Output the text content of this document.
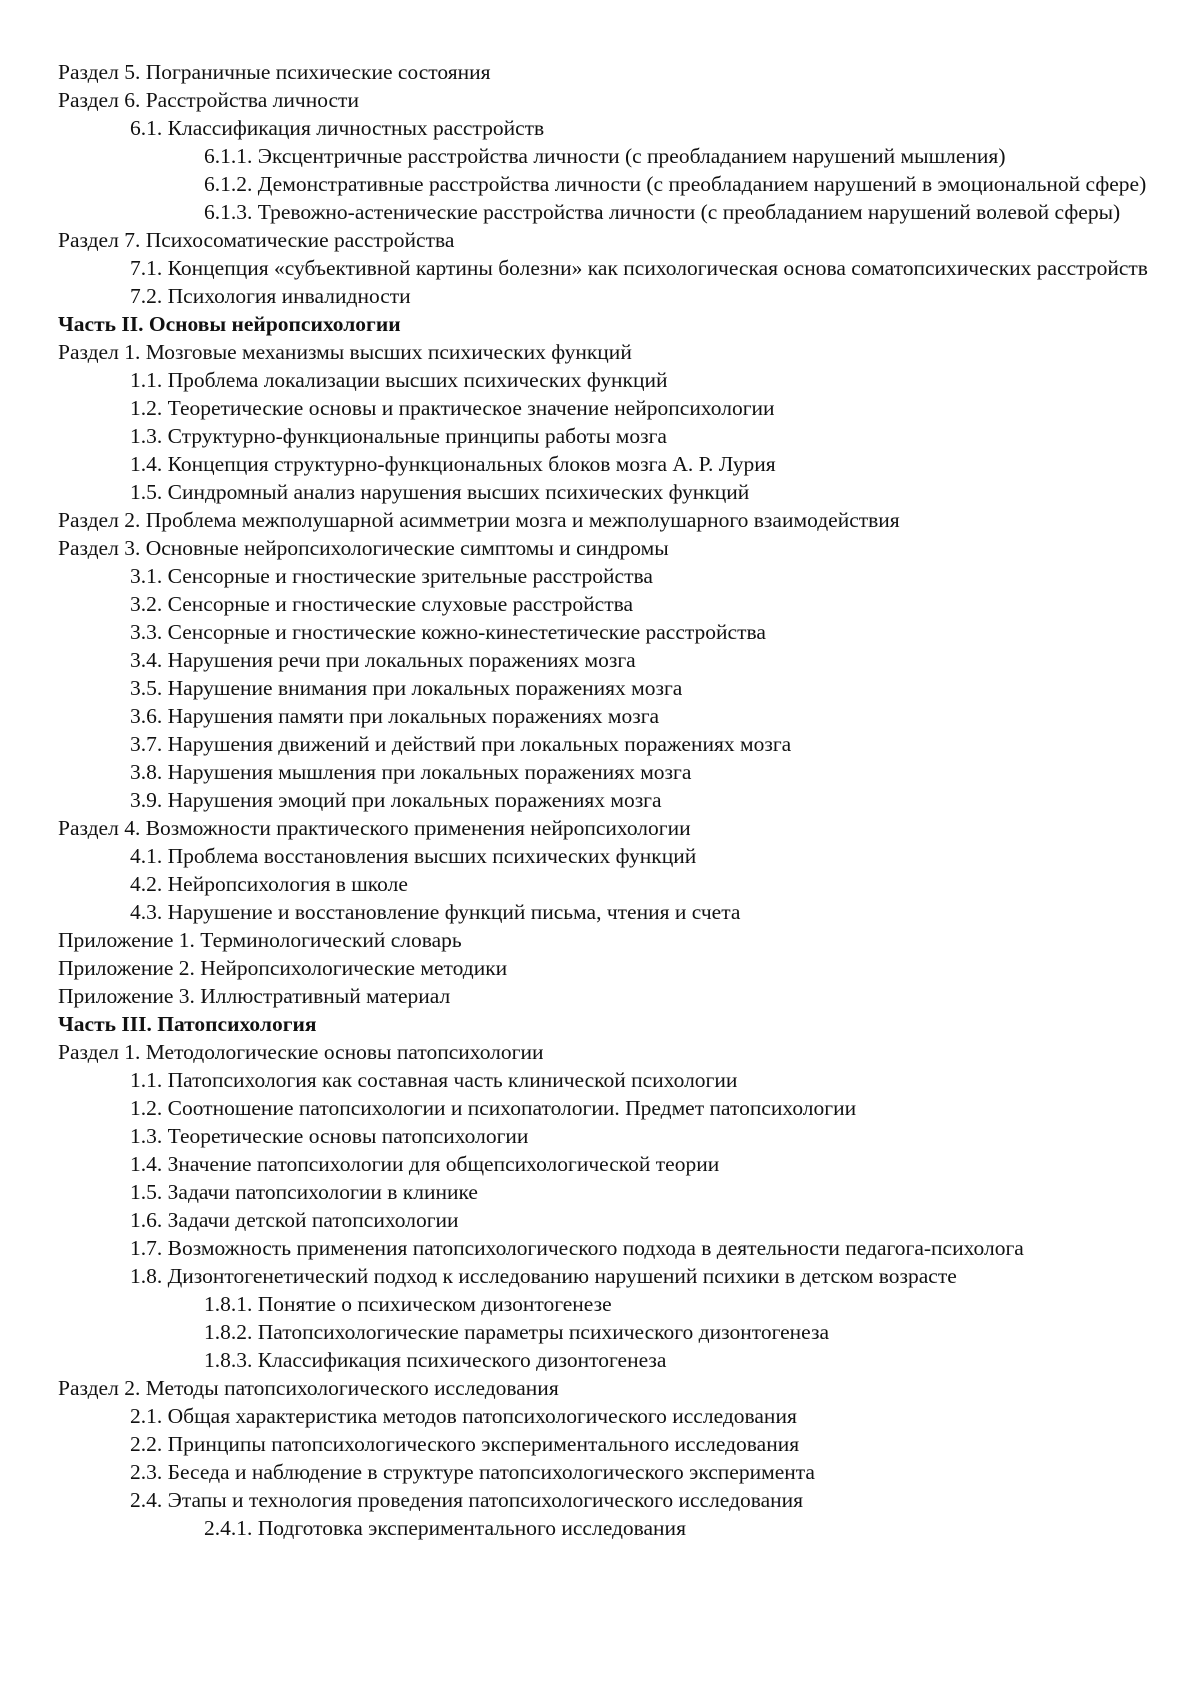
Раздел 5. Пограничные психические состояния
Раздел 6. Расстройства личности
6.1. Классификация личностных расстройств
6.1.1. Эксцентричные расстройства личности (с преобладанием нарушений мышления)
6.1.2. Демонстративные расстройства личности (с преобладанием нарушений в эмоциональной сфере)
6.1.3. Тревожно-астенические расстройства личности (с преобладанием нарушений волевой сферы)
Раздел 7. Психосоматические расстройства
7.1. Концепция «субъективной картины болезни» как психологическая основа соматопсихических расстройств
7.2. Психология инвалидности
Часть II. Основы нейропсихологии
Раздел 1. Мозговые механизмы высших психических функций
1.1. Проблема локализации высших психических функций
1.2. Теоретические основы и практическое значение нейропсихологии
1.3. Структурно-функциональные принципы работы мозга
1.4. Концепция структурно-функциональных блоков мозга А. Р. Лурия
1.5. Синдромный анализ нарушения высших психических функций
Раздел 2. Проблема межполушарной асимметрии мозга и межполушарного взаимодействия
Раздел 3. Основные нейропсихологические симптомы и синдромы
3.1. Сенсорные и гностические зрительные расстройства
3.2. Сенсорные и гностические слуховые расстройства
3.3. Сенсорные и гностические кожно-кинестетические расстройства
3.4. Нарушения речи при локальных поражениях мозга
3.5. Нарушение внимания при локальных поражениях мозга
3.6. Нарушения памяти при локальных поражениях мозга
3.7. Нарушения движений и действий при локальных поражениях мозга
3.8. Нарушения мышления при локальных поражениях мозга
3.9. Нарушения эмоций при локальных поражениях мозга
Раздел 4. Возможности практического применения нейропсихологии
4.1. Проблема восстановления высших психических функций
4.2. Нейропсихология в школе
4.3. Нарушение и восстановление функций письма, чтения и счета
Приложение 1. Терминологический словарь
Приложение 2. Нейропсихологические методики
Приложение 3. Иллюстративный материал
Часть III. Патопсихология
Раздел 1. Методологические основы патопсихологии
1.1. Патопсихология как составная часть клинической психологии
1.2. Соотношение патопсихологии и психопатологии. Предмет патопсихологии
1.3. Теоретические основы патопсихологии
1.4. Значение патопсихологии для общепсихологической теории
1.5. Задачи патопсихологии в клинике
1.6. Задачи детской патопсихологии
1.7. Возможность применения патопсихологического подхода в деятельности педагога-психолога
1.8. Дизонтогенетический подход к исследованию нарушений психики в детском возрасте
1.8.1. Понятие о психическом дизонтогенезе
1.8.2. Патопсихологические параметры психического дизонтогенеза
1.8.3. Классификация психического дизонтогенеза
Раздел 2. Методы патопсихологического исследования
2.1. Общая характеристика методов патопсихологического исследования
2.2. Принципы патопсихологического экспериментального исследования
2.3. Беседа и наблюдение в структуре патопсихологического эксперимента
2.4. Этапы и технология проведения патопсихологического исследования
2.4.1. Подготовка экспериментального исследования
